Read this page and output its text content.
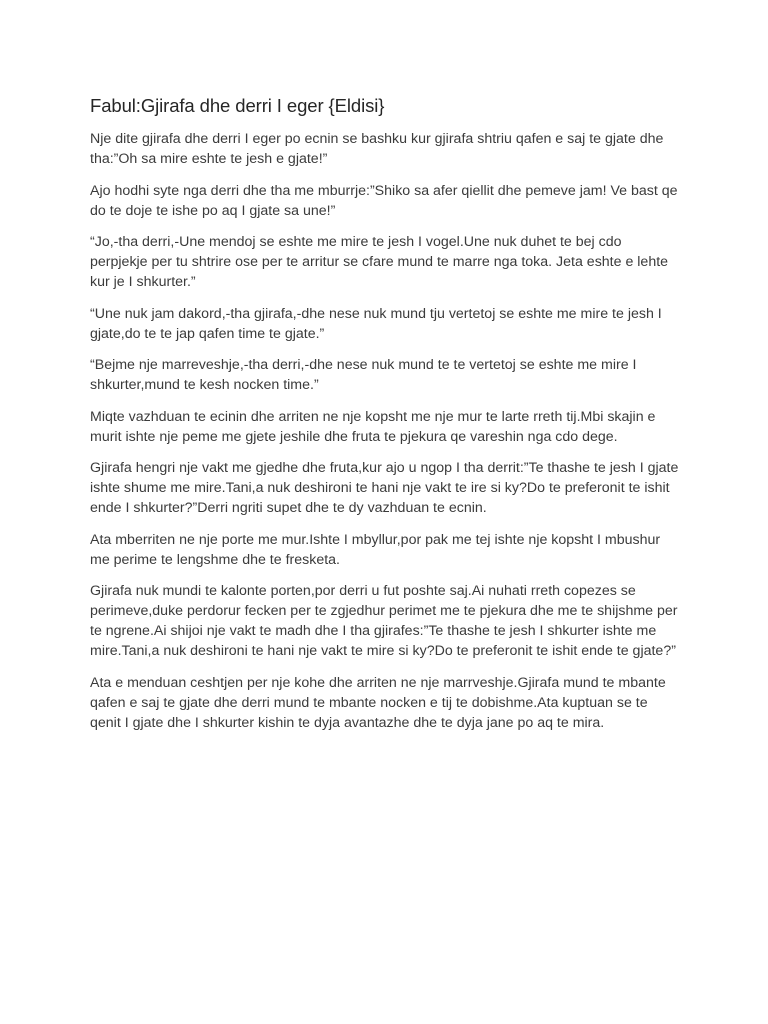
Fabul:Gjirafa dhe derri I eger {Eldisi}

Nje dite gjirafa dhe derri I eger po ecnin se bashku kur gjirafa shtriu qafen e saj te gjate dhe tha:”Oh sa mire eshte te jesh e gjate!”

Ajo hodhi syte nga derri dhe tha me mburrje:”Shiko sa afer qiellit dhe pemeve jam! Ve bast qe do te doje te ishe po aq I gjate sa une!”

“Jo,-tha derri,-Une mendoj se eshte me mire te jesh I vogel.Une nuk duhet te bej cdo perpjekje per tu shtrire ose per te arritur se cfare mund te marre nga toka. Jeta eshte e lehte kur je I shkurter.”

“Une nuk jam dakord,-tha gjirafa,-dhe nese nuk mund tju vertetoj se eshte me mire te jesh I gjate,do te te jap qafen time te gjate.”

“Bejme nje marreveshje,-tha derri,-dhe nese nuk mund te te vertetoj se eshte me mire I shkurter,mund te kesh nocken time.”

Miqte vazhduan te ecinin dhe arriten ne nje kopsht me nje mur te larte rreth tij.Mbi skajin e murit ishte nje peme me gjete jeshile dhe fruta te pjekura qe vareshin nga cdo dege.

Gjirafa hengri nje vakt me gjedhe dhe fruta,kur ajo u ngop I tha derrit:”Te thashe te jesh I gjate ishte shume me mire.Tani,a nuk deshironi te hani nje vakt te ire si ky?Do te preferonit te ishit ende I shkurter?”Derri ngriti supet dhe te dy vazhduan te ecnin.

Ata mberriten ne nje porte me mur.Ishte I mbyllur,por pak me tej ishte nje kopsht I mbushur me perime te lengshme dhe te fresketa.

Gjirafa nuk mundi te kalonte porten,por derri u fut poshte saj.Ai nuhati rreth copezes se perimeve,duke perdorur fecken per te zgjedhur perimet me te pjekura dhe me te shijshme per te ngrene.Ai shijoi nje vakt te madh dhe I tha gjirafes:”Te thashe te jesh I shkurter ishte me mire.Tani,a nuk deshironi te hani nje vakt te mire si ky?Do te preferonit te ishit ende te gjate?”

Ata e menduan ceshtjen per nje kohe dhe arriten ne nje marrveshje.Gjirafa mund te mbante qafen e saj te gjate dhe derri mund te mbante nocken e tij te dobishme.Ata kuptuan se te qenit I gjate dhe I shkurter kishin te dyja avantazhe dhe te dyja jane po aq te mira.
